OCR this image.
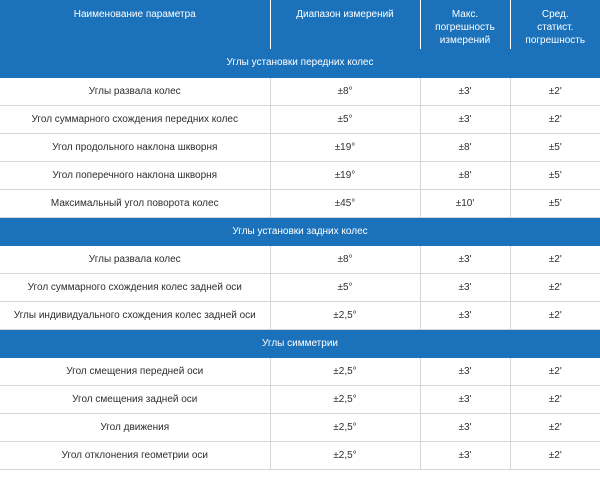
Наименование параметра	Диапазон измерений	Макс.
погрешность
измерений	Сред.
статист.
погрешность

Углы установки передних колес			
Углы развала колес	±8°	±3'	±2'
Угол суммарного схождения передних колес	±5°	±3'	±2'
Угол продольного наклона шкворня	±19°	±8'	±5'
Угол поперечного наклона шкворня	±19°	±8'	±5'
Максимальный угол поворота колес	±45°	±10'	±5'
Углы установки задних колес			
Углы развала колес	±8°	±3'	±2'
Угол суммарного схождения колес задней оси	±5°	±3'	±2'
Углы индивидуального схождения колес задней оси	±2,5°	±3'	±2'
Углы симметрии			
Угол смещения передней оси	±2,5°	±3'	±2'
Угол смещения задней оси	±2,5°	±3'	±2'
Угол движения	±2,5°	±3'	±2'
Угол отклонения геометрии оси	±2,5°	±3'	±2'
